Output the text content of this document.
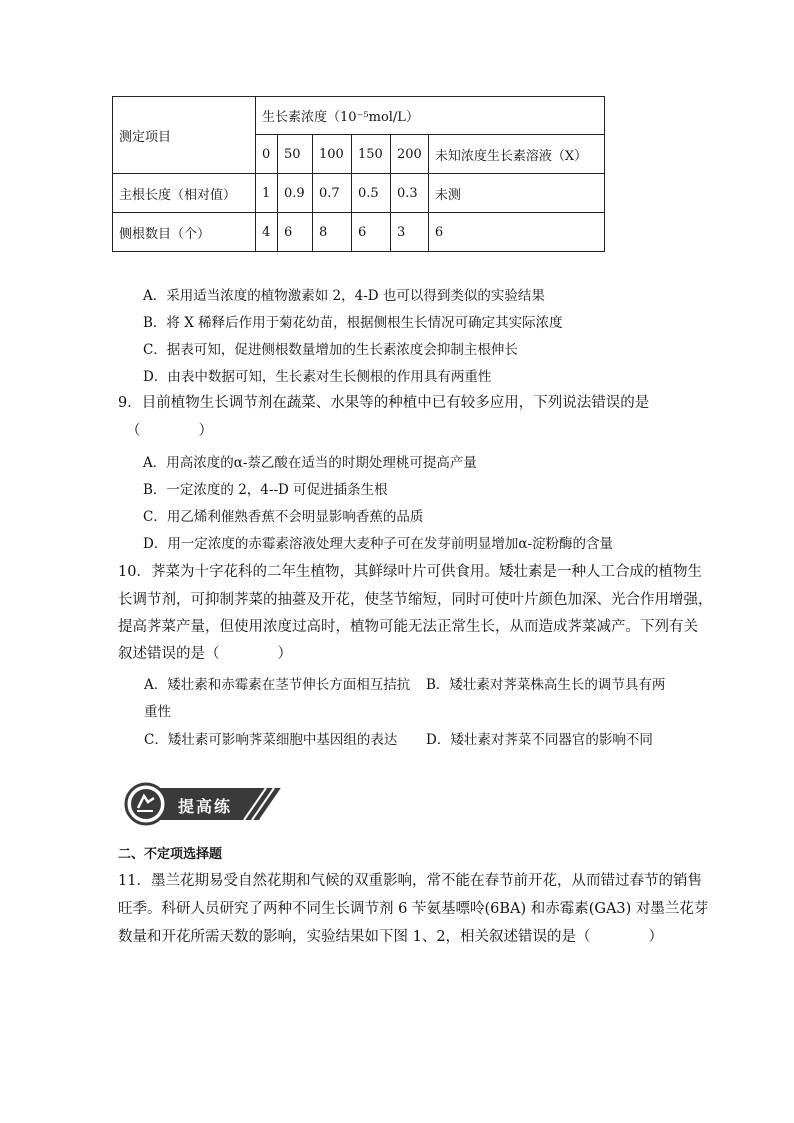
测定项目	生长素浓度（10⁻⁵mol/L）					
	0	50	100	150	200	未知浓度生长素溶液（X）
主根长度（相对值）	1	0.9	0.7	0.5	0.3	未测
侧根数目（个）	4	6	8	6	3	6
A．采用适当浓度的植物激素如 2，4-D 也可以得到类似的实验结果
B．将 X 稀释后作用于菊花幼苗，根据侧根生长情况可确定其实际浓度
C．据表可知，促进侧根数量增加的生长素浓度会抑制主根伸长
D．由表中数据可知，生长素对生长侧根的作用具有两重性
9．目前植物生长调节剂在蔬菜、水果等的种植中已有较多应用，下列说法错误的是
（　　　　）
A．用高浓度的α-萘乙酸在适当的时期处理桃可提高产量
B．一定浓度的 2，4--D 可促进插条生根
C．用乙烯利催熟香蕉不会明显影响香蕉的品质
D．用一定浓度的赤霉素溶液处理大麦种子可在发芽前明显增加α-淀粉酶的含量
10．荠菜为十字花科的二年生植物，其鲜绿叶片可供食用。矮壮素是一种人工合成的植物生
长调节剂，可抑制荠菜的抽薹及开花，使茎节缩短，同时可使叶片颜色加深、光合作用增强，
提高荠菜产量，但使用浓度过高时，植物可能无法正常生长，从而造成荠菜减产。下列有关
叙述错误的是（　　　　）
A．矮壮素和赤霉素在茎节伸长方面相互拮抗 B．矮壮素对荠菜株高生长的调节具有两
重性
C．矮壮素可影响荠菜细胞中基因组的表达 D．矮壮素对荠菜不同器官的影响不同
提高练
二、不定项选择题
11．墨兰花期易受自然花期和气候的双重影响，常不能在春节前开花，从而错过春节的销售
旺季。科研人员研究了两种不同生长调节剂 6 苄氨基嘌呤(6BA) 和赤霉素(GA3) 对墨兰花芽
数量和开花所需天数的影响，实验结果如下图 1、2，相关叙述错误的是（　　　　）
